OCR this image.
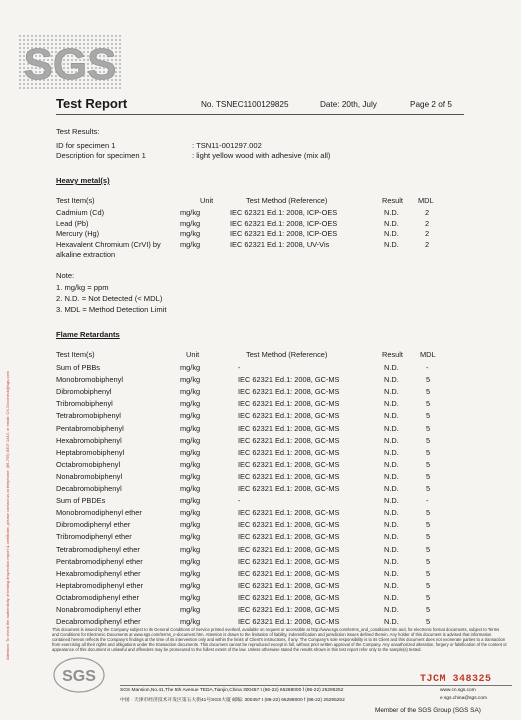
Attention: To check the authenticity of testing /inspection report & certificate, please contact us at telephone: (86-755) 8307 1443, or email: CN.Doccheck@sgs.com
SGS
Test Report	No. TSNEC1100129825	Date: 20th, July	Page 2 of 5
Test Results:
ID for specimen 1	: TSN11-001297.002
Description for specimen 1	: light yellow wood with adhesive (mix all)
Heavy metal(s)
Test Item(s)	Unit	Test Method (Reference)	Result MDL
Cadmium (Cd)	mg/kg	IEC 62321 Ed.1: 2008, ICP-OES	N.D.	2
Lead (Pb)	mg/kg	IEC 62321 Ed.1: 2008, ICP-OES	N.D.	2
Mercury (Hg)	mg/kg	IEC 62321 Ed.1: 2008, ICP-OES	N.D.	2
Hexavalent Chromium (CrVI) by	mg/kg	IEC 62321 Ed.1: 2008, UV-Vis	N.D.	2
alkaline extraction
Note:
1. mg/kg = ppm
2. N.D. = Not Detected (< MDL)
3. MDL = Method Detection Limit
Flame Retardants
Test Item(s)	Unit	Test Method (Reference)	Result MDL
Sum of PBBs	mg/kg	-	N.D.	-
Monobromobiphenyl	mg/kg	IEC 62321 Ed.1: 2008, GC-MS	N.D.	5
Dibromobiphenyl	mg/kg	IEC 62321 Ed.1: 2008, GC-MS	N.D.	5
Tribromobiphenyl	mg/kg	IEC 62321 Ed.1: 2008, GC-MS	N.D.	5
Tetrabromobiphenyl	mg/kg	IEC 62321 Ed.1: 2008, GC-MS	N.D.	5
Pentabromobiphenyl	mg/kg	IEC 62321 Ed.1: 2008, GC-MS	N.D.	5
Hexabromobiphenyl	mg/kg	IEC 62321 Ed.1: 2008, GC-MS	N.D.	5
Heptabromobiphenyl	mg/kg	IEC 62321 Ed.1: 2008, GC-MS	N.D.	5
Octabromobiphenyl	mg/kg	IEC 62321 Ed.1: 2008, GC-MS	N.D.	5
Nonabromobiphenyl	mg/kg	IEC 62321 Ed.1: 2008, GC-MS	N.D.	5
Decabromobiphenyl	mg/kg	IEC 62321 Ed.1: 2008, GC-MS	N.D.	5
Sum of PBDEs	mg/kg	-	N.D.	-
Monobromodiphenyl ether	mg/kg	IEC 62321 Ed.1: 2008, GC-MS	N.D.	5
Dibromodiphenyl ether	mg/kg	IEC 62321 Ed.1: 2008, GC-MS	N.D.	5
Tribromodiphenyl ether	mg/kg	IEC 62321 Ed.1: 2008, GC-MS	N.D.	5
Tetrabromodiphenyl ether	mg/kg	IEC 62321 Ed.1: 2008, GC-MS	N.D.	5
Pentabromodiphenyl ether	mg/kg	IEC 62321 Ed.1: 2008, GC-MS	N.D.	5
Hexabromodiphenyl ether	mg/kg	IEC 62321 Ed.1: 2008, GC-MS	N.D.	5
Heptabromodiphenyl ether	mg/kg	IEC 62321 Ed.1: 2008, GC-MS	N.D.	5
Octabromodiphenyl ether	mg/kg	IEC 62321 Ed.1: 2008, GC-MS	N.D.	5
Nonabromodiphenyl ether	mg/kg	IEC 62321 Ed.1: 2008, GC-MS	N.D.	5
Decabromodiphenyl ether	mg/kg	IEC 62321 Ed.1: 2008, GC-MS	N.D.	5
This document is issued by the Company subject to its General Conditions of Service printed overleaf, available on request or accessible at http://www.sgs.com/terms_and_conditions.htm and, for electronic format documents, subject to Terms and Conditions for Electronic Documents at www.sgs.com/terms_e-document.htm. Attention is drawn to the limitation of liability, indemnification and jurisdiction issues defined therein. Any holder of this document is advised that information contained hereon reflects the Company's findings at the time of its intervention only and within the limits of Client's instructions, if any. The Company's sole responsibility is to its Client and this document does not exonerate parties to a transaction from exercising all their rights and obligations under the transaction documents. This document cannot be reproduced except in full, without prior written approval of the Company. Any unauthorized alteration, forgery or falsification of the content or appearance of this document is unlawful and offenders may be prosecuted to the fullest extent of the law. Unless otherwise stated the results shown in this test report refer only to the sample(s) tested.
SGS	TJCM 348325
SGS Mansion,No.41,The 5th Avenue TEDA,Tianjin,China 300457 t (86-22) 65288000 f (86-22) 25295252
中国 · 天津市经济技术开发区第五大街41号SGS大厦 邮编: 300457 t (86-22) 65288000 f (86-22) 25295252
www.cn.sgs.com
e sgs.china@sgs.com
Member of the SGS Group (SGS SA)
